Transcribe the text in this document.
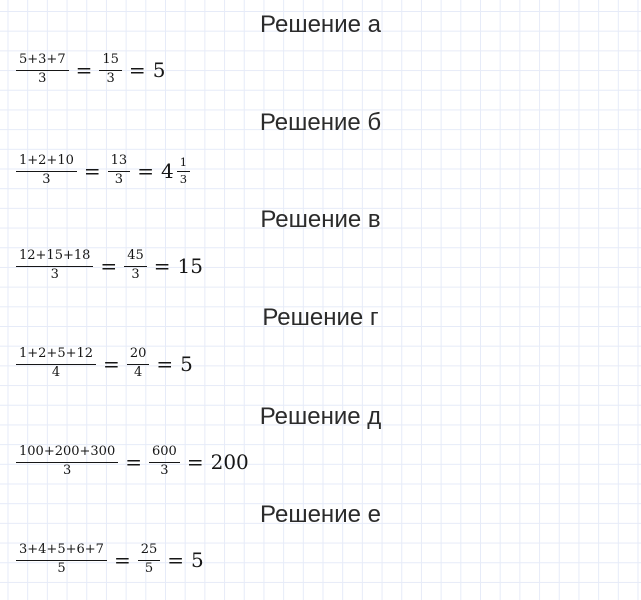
Решение а
$\frac{5+3+7}{3} = \frac{15}{3} = 5$
Решение б
$\frac{1+2+10}{3} = \frac{13}{3} = 4 \frac{1}{3}$
Решение в
$\frac{12+15+18}{3} = \frac{45}{3} = 15$
Решение г
$\frac{1+2+5+12}{4} = \frac{20}{4} = 5$
Решение д
$\frac{100+200+300}{3} = \frac{600}{3} = 200$
Решение е
$\frac{3+4+5+6+7}{5} = \frac{25}{5} = 5$
